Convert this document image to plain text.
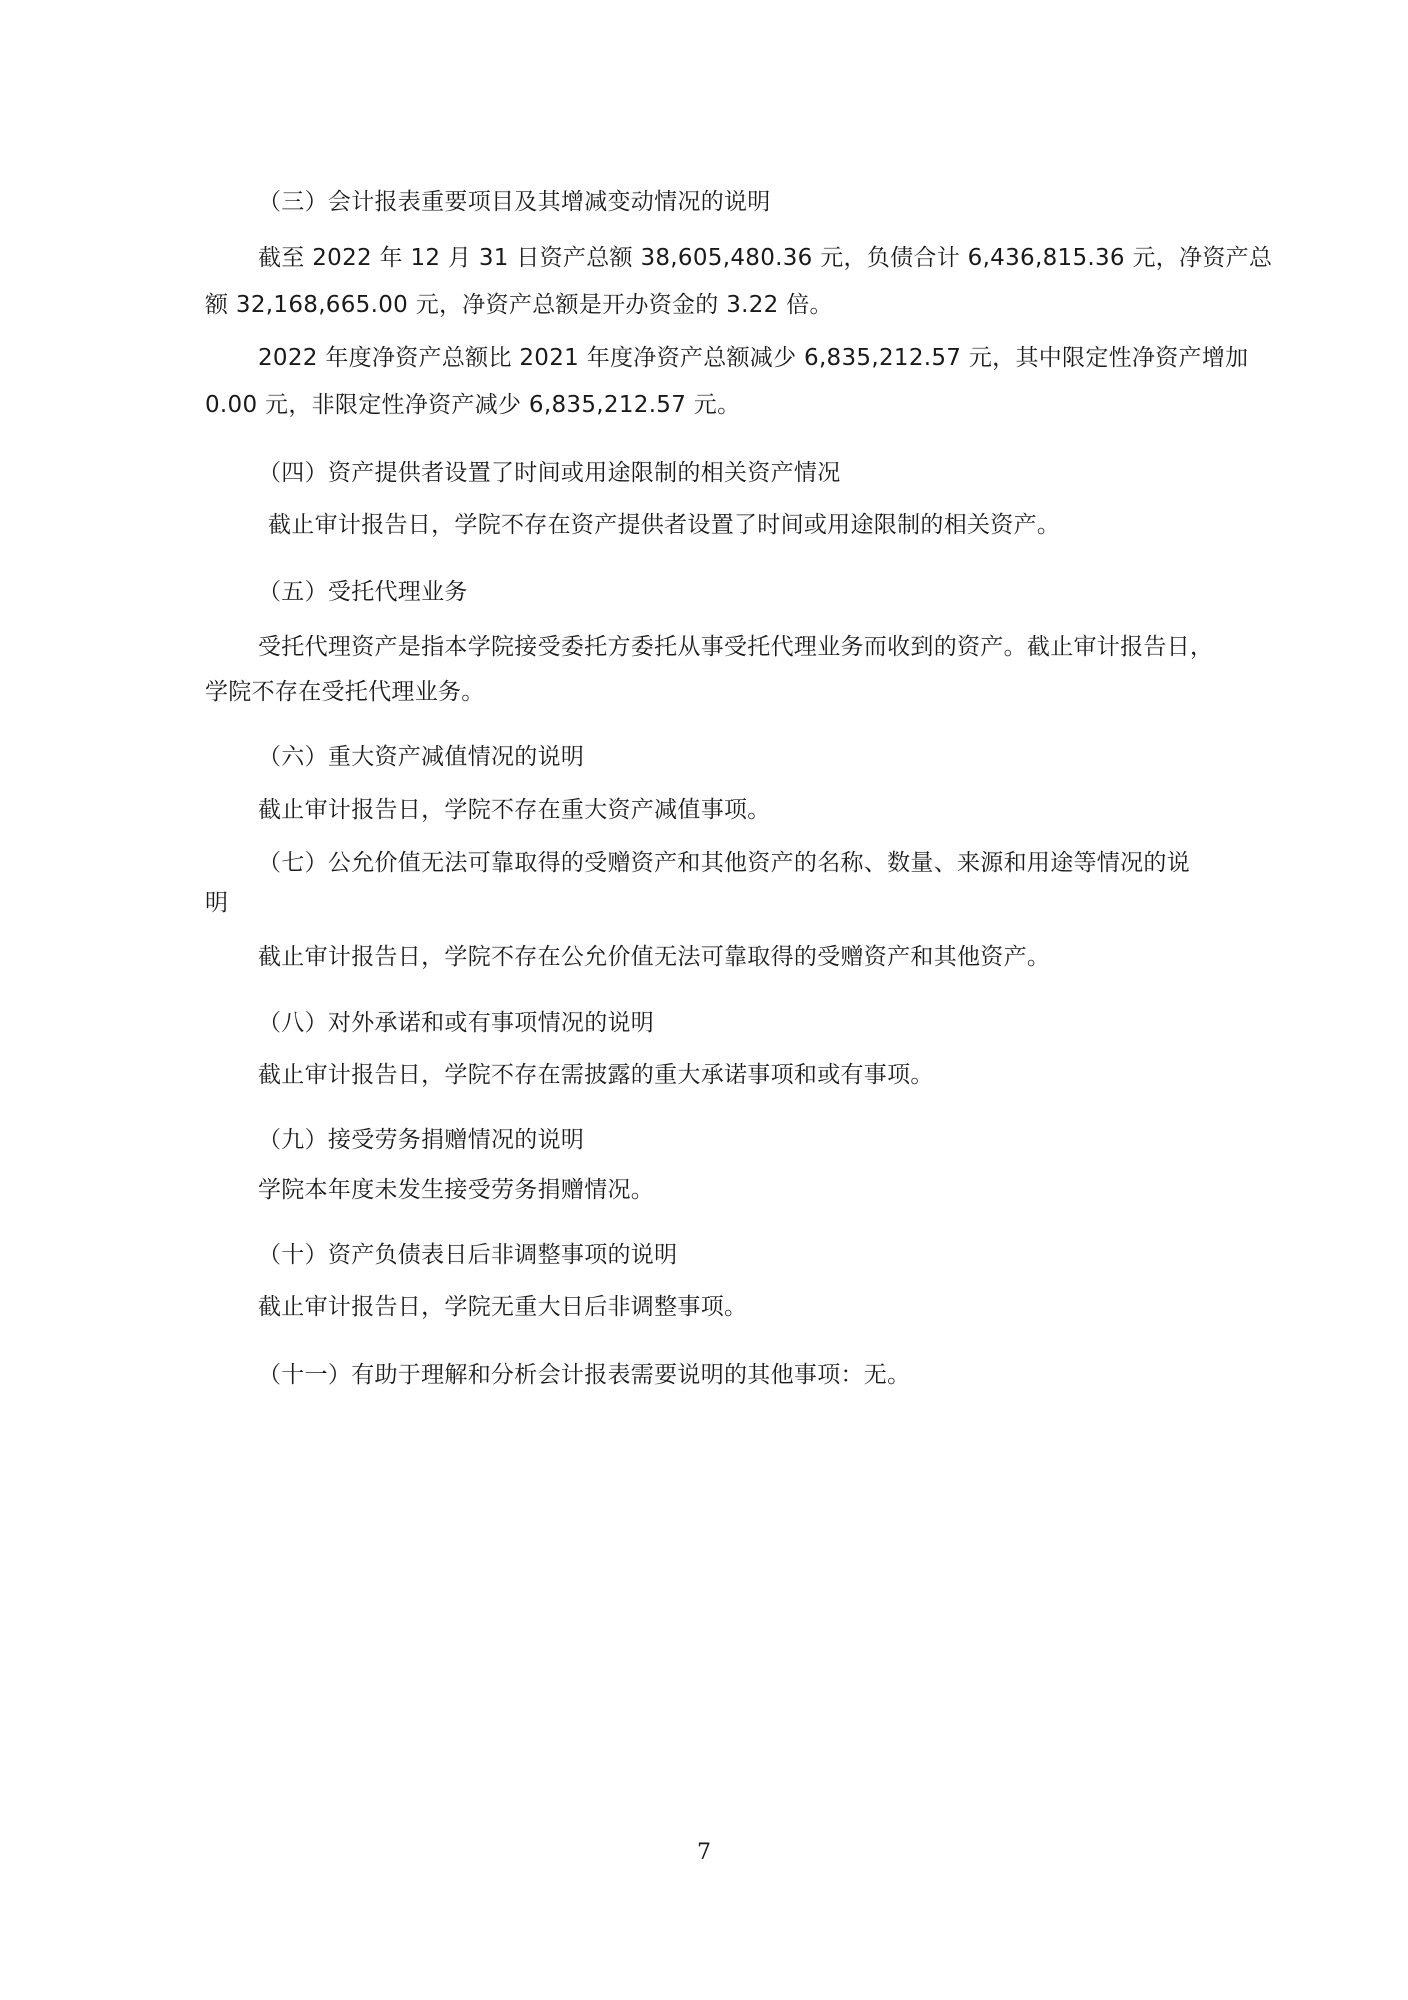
（三）会计报表重要项目及其增减变动情况的说明
截至 2022 年 12 月 31 日资产总额 38,605,480.36 元，负债合计 6,436,815.36 元，净资产总
额 32,168,665.00 元，净资产总额是开办资金的 3.22 倍。
2022 年度净资产总额比 2021 年度净资产总额减少 6,835,212.57 元，其中限定性净资产增加
0.00 元，非限定性净资产减少 6,835,212.57 元。
（四）资产提供者设置了时间或用途限制的相关资产情况
截止审计报告日，学院不存在资产提供者设置了时间或用途限制的相关资产。
（五）受托代理业务
受托代理资产是指本学院接受委托方委托从事受托代理业务而收到的资产。截止审计报告日，
学院不存在受托代理业务。
（六）重大资产减值情况的说明
截止审计报告日，学院不存在重大资产减值事项。
（七）公允价值无法可靠取得的受赠资产和其他资产的名称、数量、来源和用途等情况的说
明
截止审计报告日，学院不存在公允价值无法可靠取得的受赠资产和其他资产。
（八）对外承诺和或有事项情况的说明
截止审计报告日，学院不存在需披露的重大承诺事项和或有事项。
（九）接受劳务捐赠情况的说明
学院本年度未发生接受劳务捐赠情况。
（十）资产负债表日后非调整事项的说明
截止审计报告日，学院无重大日后非调整事项。
（十一）有助于理解和分析会计报表需要说明的其他事项：无。
7
